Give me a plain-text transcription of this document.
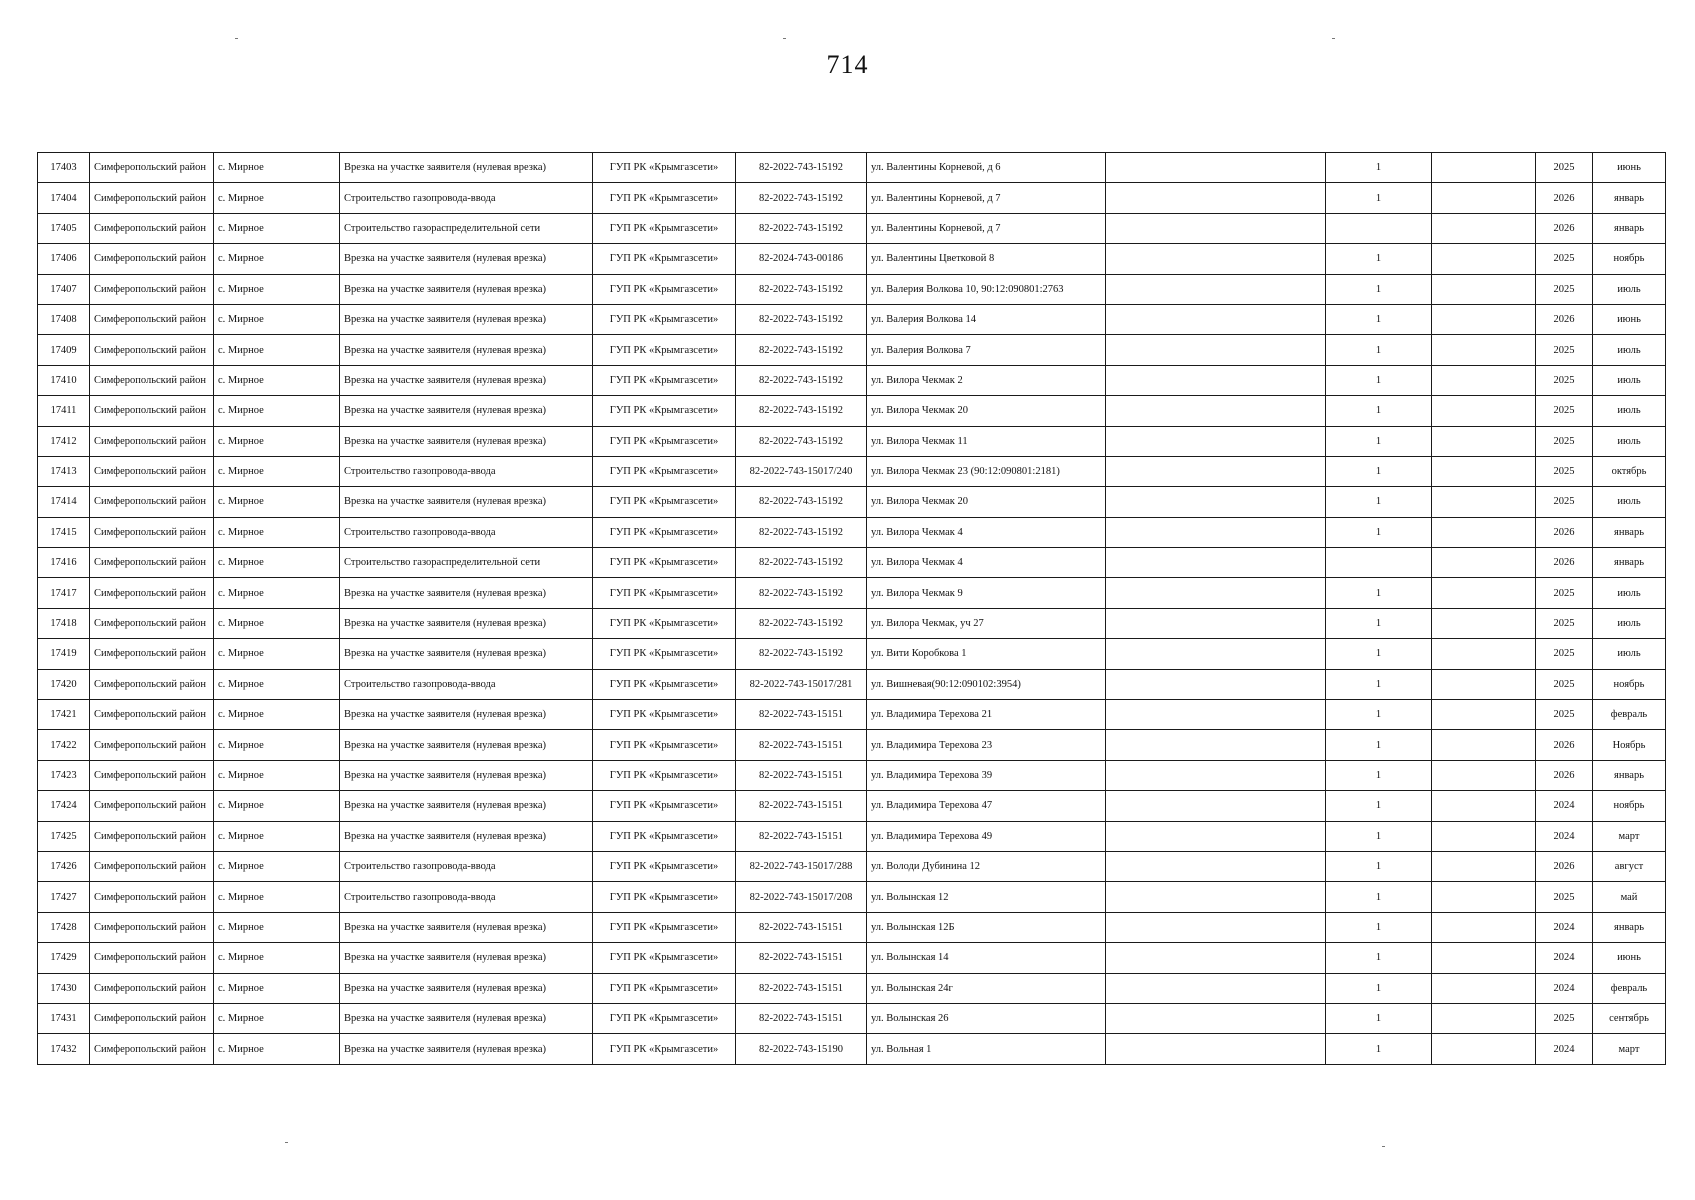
714
17403	Симферопольский район	с. Мирное	Врезка на участке заявителя (нулевая врезка)	ГУП РК «Крымгазсети»	82-2022-743-15192	ул. Валентины Корневой, д 6		1		2025	июнь
17404	Симферопольский район	с. Мирное	Строительство газопровода-ввода	ГУП РК «Крымгазсети»	82-2022-743-15192	ул. Валентины Корневой, д 7		1		2026	январь
17405	Симферопольский район	с. Мирное	Строительство газораспределительной сети	ГУП РК «Крымгазсети»	82-2022-743-15192	ул. Валентины Корневой, д 7				2026	январь
17406	Симферопольский район	с. Мирное	Врезка на участке заявителя (нулевая врезка)	ГУП РК «Крымгазсети»	82-2024-743-00186	ул. Валентины Цветковой 8		1		2025	ноябрь
17407	Симферопольский район	с. Мирное	Врезка на участке заявителя (нулевая врезка)	ГУП РК «Крымгазсети»	82-2022-743-15192	ул. Валерия Волкова 10, 90:12:090801:2763		1		2025	июль
17408	Симферопольский район	с. Мирное	Врезка на участке заявителя (нулевая врезка)	ГУП РК «Крымгазсети»	82-2022-743-15192	ул. Валерия Волкова 14		1		2026	июнь
17409	Симферопольский район	с. Мирное	Врезка на участке заявителя (нулевая врезка)	ГУП РК «Крымгазсети»	82-2022-743-15192	ул. Валерия Волкова 7		1		2025	июль
17410	Симферопольский район	с. Мирное	Врезка на участке заявителя (нулевая врезка)	ГУП РК «Крымгазсети»	82-2022-743-15192	ул. Вилора Чекмак 2		1		2025	июль
17411	Симферопольский район	с. Мирное	Врезка на участке заявителя (нулевая врезка)	ГУП РК «Крымгазсети»	82-2022-743-15192	ул. Вилора Чекмак 20		1		2025	июль
17412	Симферопольский район	с. Мирное	Врезка на участке заявителя (нулевая врезка)	ГУП РК «Крымгазсети»	82-2022-743-15192	ул. Вилора Чекмак 11		1		2025	июль
17413	Симферопольский район	с. Мирное	Строительство газопровода-ввода	ГУП РК «Крымгазсети»	82-2022-743-15017/240	ул. Вилора Чекмак 23 (90:12:090801:2181)		1		2025	октябрь
17414	Симферопольский район	с. Мирное	Врезка на участке заявителя (нулевая врезка)	ГУП РК «Крымгазсети»	82-2022-743-15192	ул. Вилора Чекмак 20		1		2025	июль
17415	Симферопольский район	с. Мирное	Строительство газопровода-ввода	ГУП РК «Крымгазсети»	82-2022-743-15192	ул. Вилора Чекмак 4		1		2026	январь
17416	Симферопольский район	с. Мирное	Строительство газораспределительной сети	ГУП РК «Крымгазсети»	82-2022-743-15192	ул. Вилора Чекмак 4				2026	январь
17417	Симферопольский район	с. Мирное	Врезка на участке заявителя (нулевая врезка)	ГУП РК «Крымгазсети»	82-2022-743-15192	ул. Вилора Чекмак 9		1		2025	июль
17418	Симферопольский район	с. Мирное	Врезка на участке заявителя (нулевая врезка)	ГУП РК «Крымгазсети»	82-2022-743-15192	ул. Вилора Чекмак, уч 27		1		2025	июль
17419	Симферопольский район	с. Мирное	Врезка на участке заявителя (нулевая врезка)	ГУП РК «Крымгазсети»	82-2022-743-15192	ул. Вити Коробкова 1		1		2025	июль
17420	Симферопольский район	с. Мирное	Строительство газопровода-ввода	ГУП РК «Крымгазсети»	82-2022-743-15017/281	ул. Вишневая(90:12:090102:3954)		1		2025	ноябрь
17421	Симферопольский район	с. Мирное	Врезка на участке заявителя (нулевая врезка)	ГУП РК «Крымгазсети»	82-2022-743-15151	ул. Владимира Терехова 21		1		2025	февраль
17422	Симферопольский район	с. Мирное	Врезка на участке заявителя (нулевая врезка)	ГУП РК «Крымгазсети»	82-2022-743-15151	ул. Владимира Терехова 23		1		2026	Ноябрь
17423	Симферопольский район	с. Мирное	Врезка на участке заявителя (нулевая врезка)	ГУП РК «Крымгазсети»	82-2022-743-15151	ул. Владимира Терехова 39		1		2026	январь
17424	Симферопольский район	с. Мирное	Врезка на участке заявителя (нулевая врезка)	ГУП РК «Крымгазсети»	82-2022-743-15151	ул. Владимира Терехова 47		1		2024	ноябрь
17425	Симферопольский район	с. Мирное	Врезка на участке заявителя (нулевая врезка)	ГУП РК «Крымгазсети»	82-2022-743-15151	ул. Владимира Терехова 49		1		2024	март
17426	Симферопольский район	с. Мирное	Строительство газопровода-ввода	ГУП РК «Крымгазсети»	82-2022-743-15017/288	ул. Володи Дубинина 12		1		2026	август
17427	Симферопольский район	с. Мирное	Строительство газопровода-ввода	ГУП РК «Крымгазсети»	82-2022-743-15017/208	ул. Волынская 12		1		2025	май
17428	Симферопольский район	с. Мирное	Врезка на участке заявителя (нулевая врезка)	ГУП РК «Крымгазсети»	82-2022-743-15151	ул. Волынская 12Б		1		2024	январь
17429	Симферопольский район	с. Мирное	Врезка на участке заявителя (нулевая врезка)	ГУП РК «Крымгазсети»	82-2022-743-15151	ул. Волынская 14		1		2024	июнь
17430	Симферопольский район	с. Мирное	Врезка на участке заявителя (нулевая врезка)	ГУП РК «Крымгазсети»	82-2022-743-15151	ул. Волынская 24г		1		2024	февраль
17431	Симферопольский район	с. Мирное	Врезка на участке заявителя (нулевая врезка)	ГУП РК «Крымгазсети»	82-2022-743-15151	ул. Волынская 26		1		2025	сентябрь
17432	Симферопольский район	с. Мирное	Врезка на участке заявителя (нулевая врезка)	ГУП РК «Крымгазсети»	82-2022-743-15190	ул. Вольная 1		1		2024	март
